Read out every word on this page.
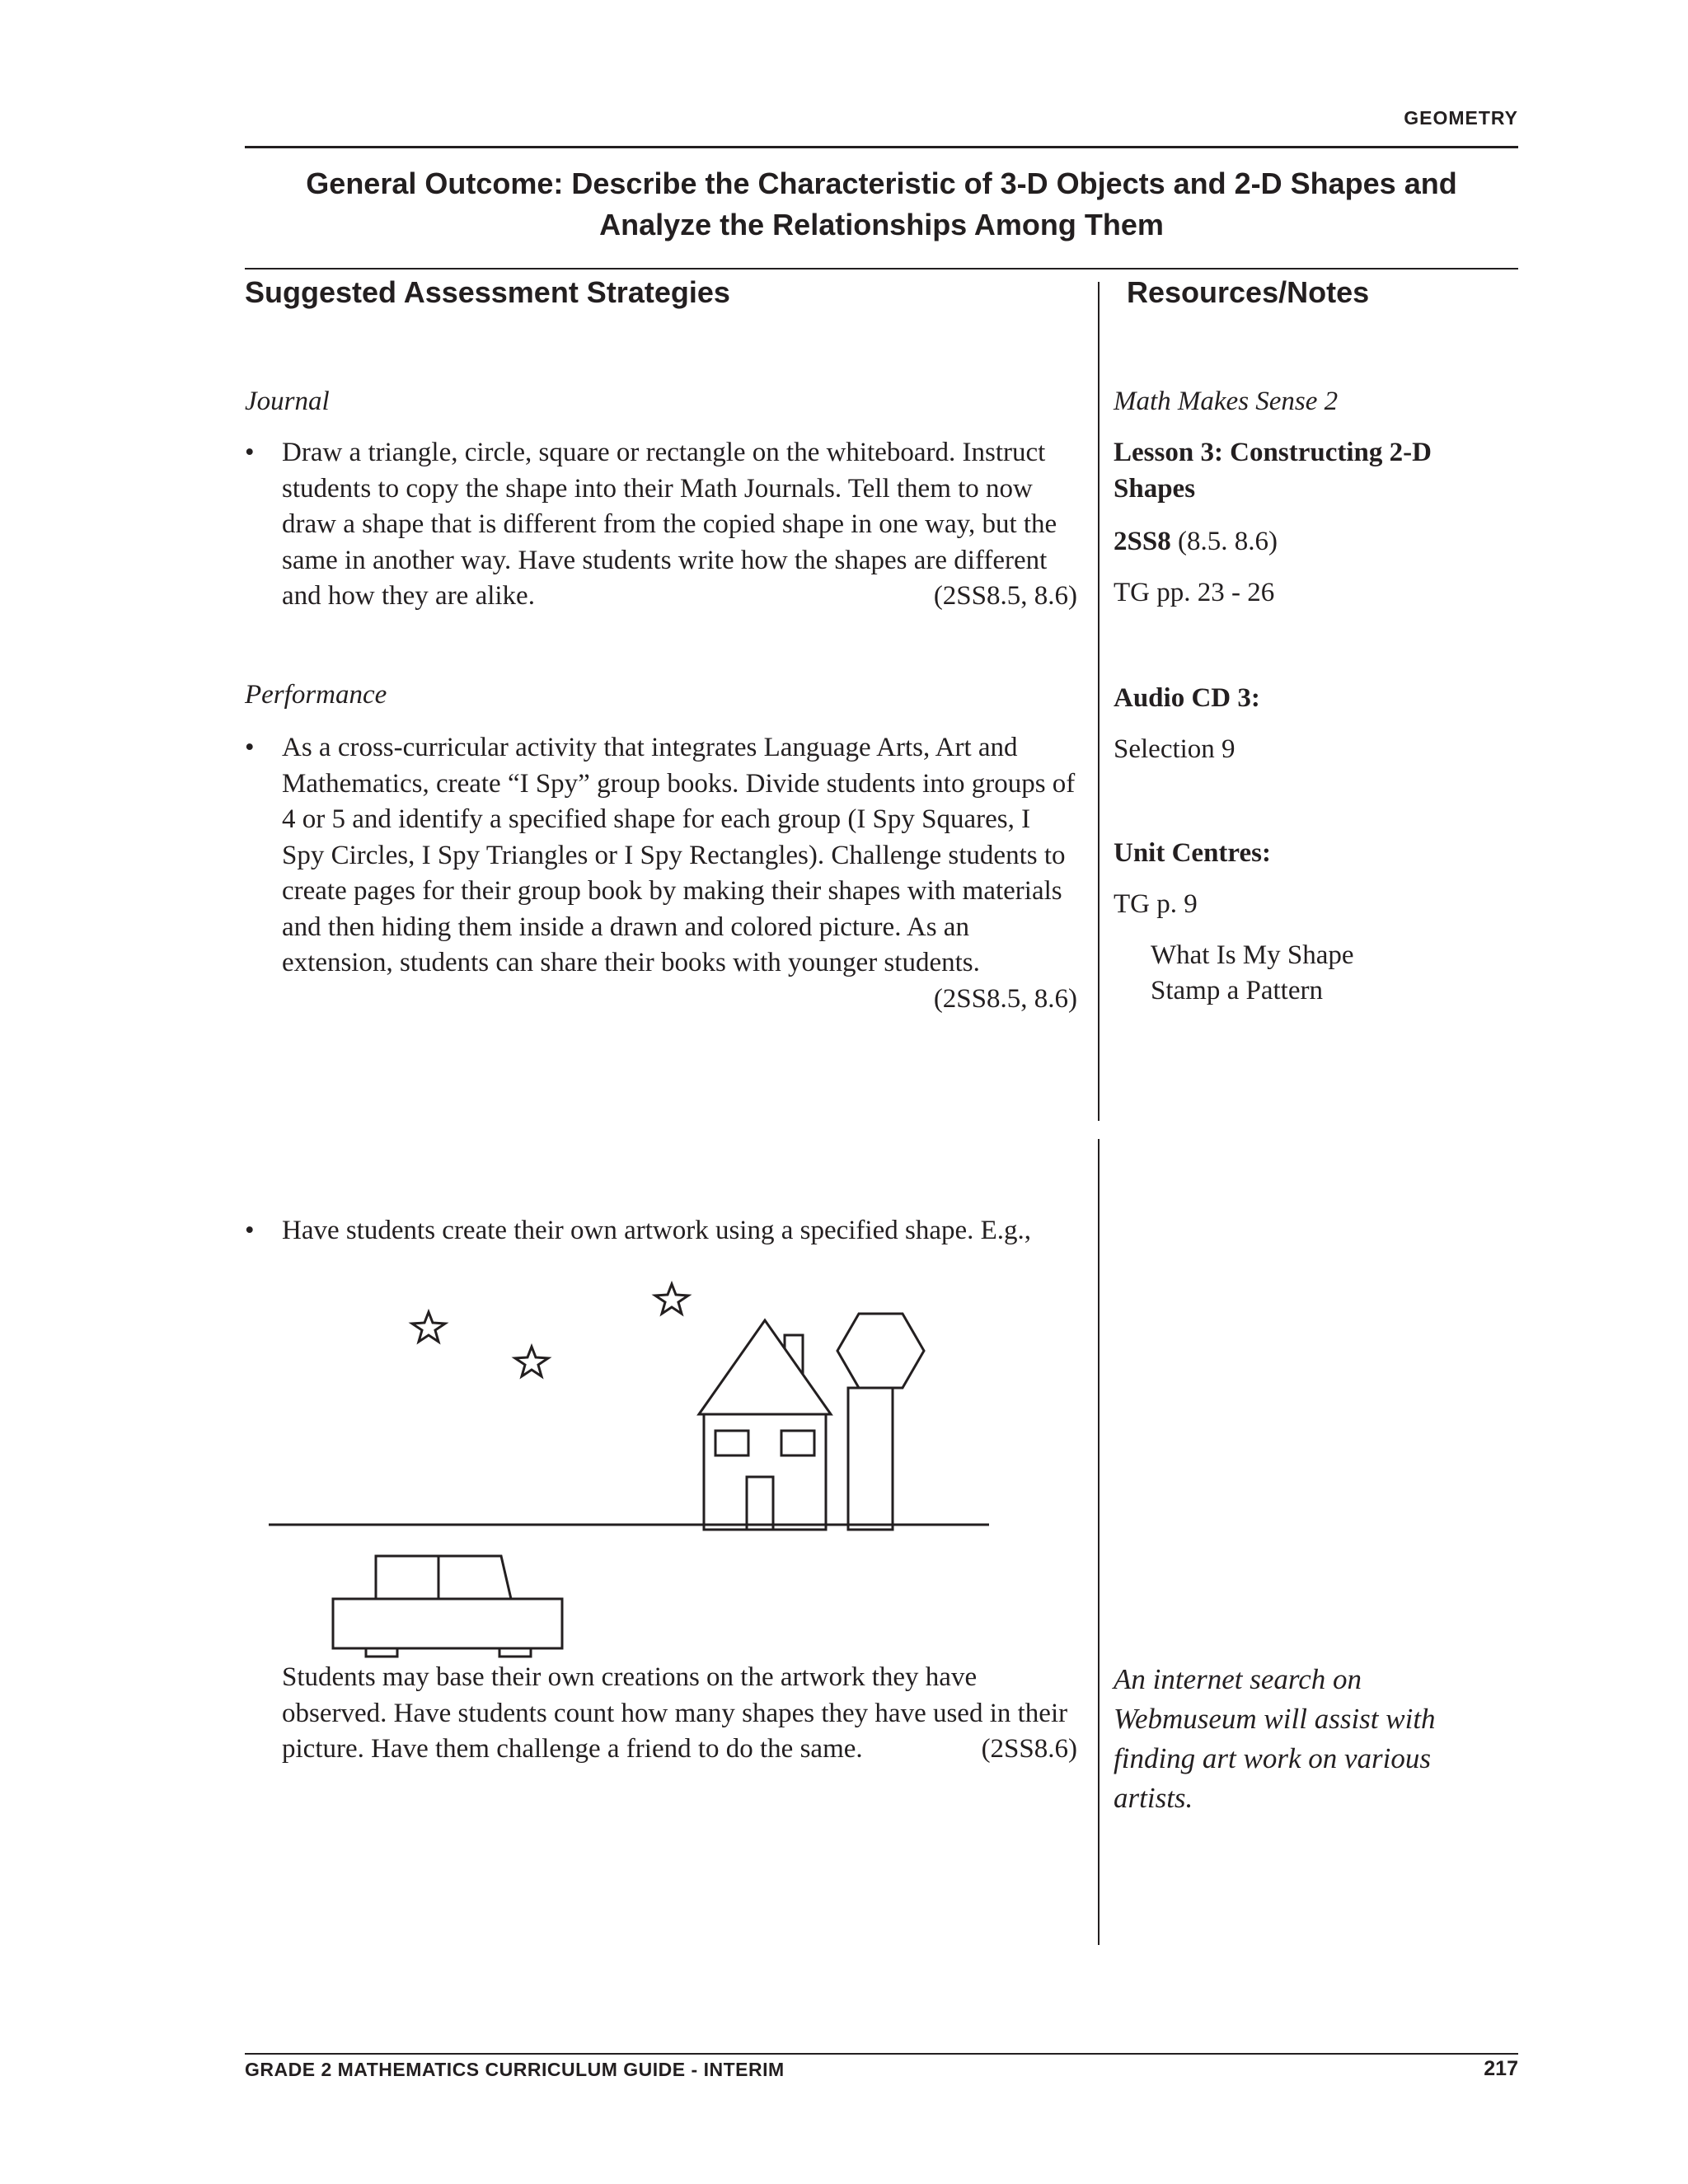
GEOMETRY
General Outcome: Describe the Characteristic of 3-D Objects and 2-D Shapes and
Analyze the Relationships Among Them
Suggested Assessment Strategies	Resources/Notes
Journal
• Draw a triangle, circle, square or rectangle on the whiteboard. Instruct students to copy the shape into their Math Journals. Tell them to now draw a shape that is different from the copied shape in one way, but the same in another way. Have students write how the shapes are different and how they are alike.	(2SS8.5, 8.6)
Performance
• As a cross-curricular activity that integrates Language Arts, Art and Mathematics, create “I Spy” group books. Divide students into groups of 4 or 5 and identify a specified shape for each group (I Spy Squares, I Spy Circles, I Spy Triangles or I Spy Rectangles). Challenge students to create pages for their group book by making their shapes with materials and then hiding them inside a drawn and colored picture. As an extension, students can share their books with younger students.
(2SS8.5, 8.6)
• Have students create their own artwork using a specified shape. E.g.,
Students may base their own creations on the artwork they have observed. Have students count how many shapes they have used in their picture. Have them challenge a friend to do the same.	(2SS8.6)
Math Makes Sense 2
Lesson 3: Constructing 2-D Shapes
2SS8 (8.5. 8.6)
TG pp. 23 - 26
Audio CD 3:
Selection 9
Unit Centres:
TG p. 9
What Is My Shape
Stamp a Pattern
An internet search on Webmuseum will assist with finding art work on various artists.
GRADE 2 MATHEMATICS CURRICULUM GUIDE - INTERIM	217
